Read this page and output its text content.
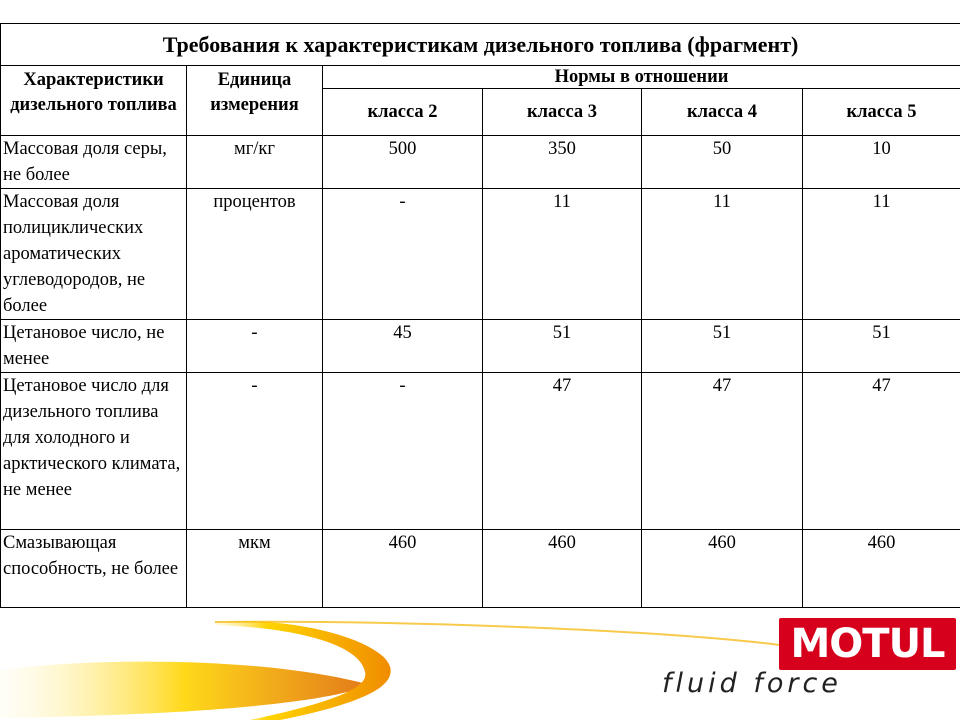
Требования к характеристикам дизельного топлива (фрагмент)					
Характеристики дизельного топлива	Единица измерения	Нормы в отношении			
		класса 2	класса 3	класса 4	класса 5
Массовая доля серы, не более	мг/кг	500	350	50	10
Массовая доля полициклических ароматических углеводородов, не более	процентов	-	11	11	11
Цетановое число, не менее	-	45	51	51	51
Цетановое число для дизельного топлива для холодного и арктического климата, не менее	-	-	47	47	47
Смазывающая способность, не более	мкм	460	460	460	460
MOTUL
fluid force
